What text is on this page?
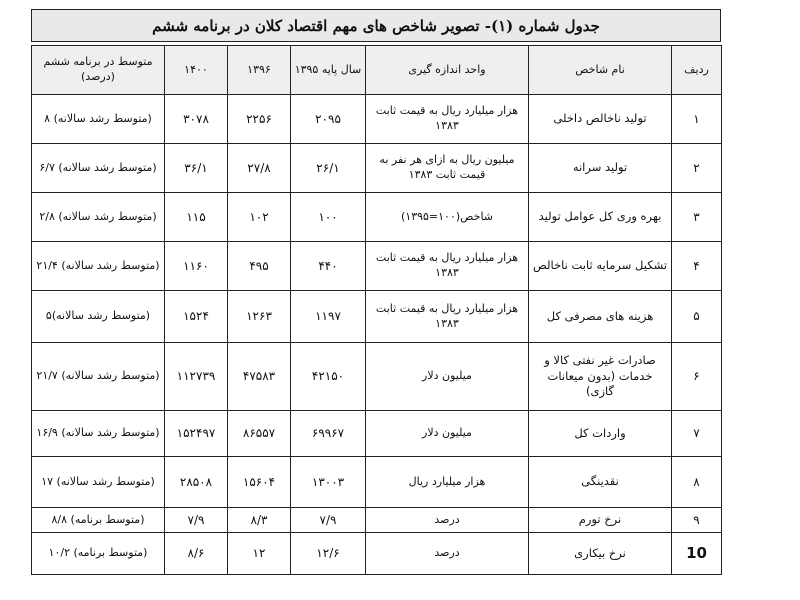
جدول شماره (۱)- تصویر شاخص های مهم اقتصاد کلان در برنامه ششم
ردیف	نام شاخص	واحد اندازه گیری	سال پایه ۱۳۹۵	۱۳۹۶	۱۴۰۰	متوسط در برنامه ششم (درصد)
۱	تولید ناخالص داخلی	هزار میلیارد ریال به قیمت ثابت ۱۳۸۳	۲۰۹۵	۲۲۵۶	۳۰۷۸	(متوسط رشد سالانه) ۸
۲	تولید سرانه	میلیون ریال به ازای هر نفر به قیمت ثابت ۱۳۸۳	۲۶/۱	۲۷/۸	۳۶/۱	(متوسط رشد سالانه) ۶/۷
۳	بهره وری کل عوامل تولید	شاخص(۱۰۰=۱۳۹۵)	۱۰۰	۱۰۲	۱۱۵	(متوسط رشد سالانه) ۲/۸
۴	تشکیل سرمایه ثابت ناخالص	هزار میلیارد ریال به قیمت ثابت ۱۳۸۳	۴۴۰	۴۹۵	۱۱۶۰	(متوسط رشد سالانه) ۲۱/۴
۵	هزینه های مصرفی کل	هزار میلیارد ریال به قیمت ثابت ۱۳۸۳	۱۱۹۷	۱۲۶۳	۱۵۲۴	(متوسط رشد سالانه)۵
۶	صادرات غیر نفتی کالا و خدمات (بدون میعانات گازی)	میلیون دلار	۴۲۱۵۰	۴۷۵۸۳	۱۱۲۷۳۹	(متوسط رشد سالانه) ۲۱/۷
۷	واردات کل	میلیون دلار	۶۹۹۶۷	۸۶۵۵۷	۱۵۲۴۹۷	(متوسط رشد سالانه) ۱۶/۹
۸	نقدینگی	هزار میلیارد ریال	۱۳۰۰۳	۱۵۶۰۴	۲۸۵۰۸	(متوسط رشد سالانه) ۱۷
۹	نرخ تورم	درصد	۷/۹	۸/۳	۷/۹	(متوسط برنامه) ۸/۸
10	نرخ بیکاری	درصد	۱۲/۶	۱۲	۸/۶	(متوسط برنامه) ۱۰/۲
